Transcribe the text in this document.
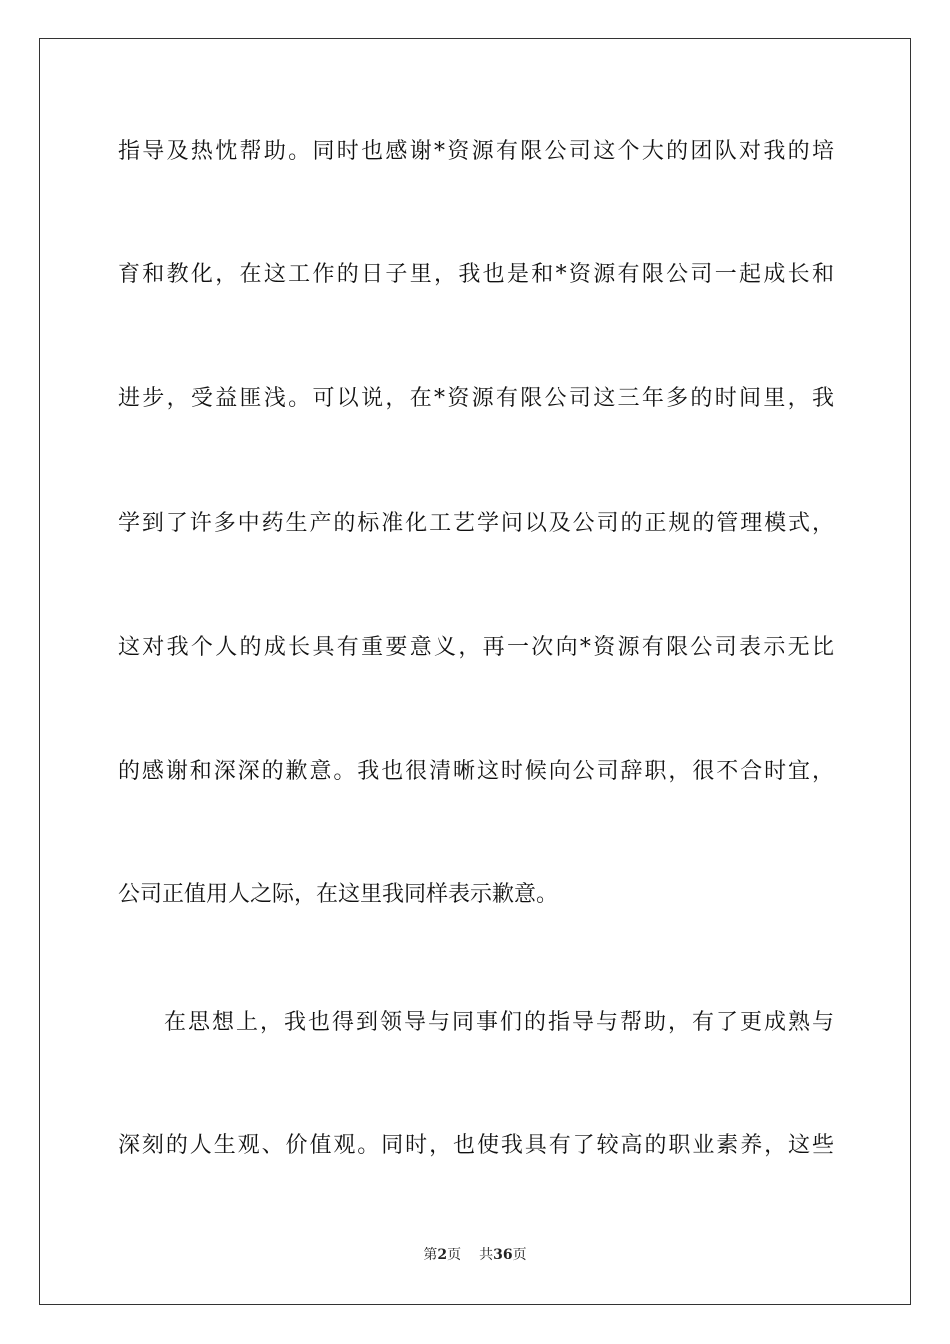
指导及热忱帮助。同时也感谢*资源有限公司这个大的团队对我的培
育和教化，在这工作的日子里，我也是和*资源有限公司一起成长和
进步，受益匪浅。可以说，在*资源有限公司这三年多的时间里，我
学到了许多中药生产的标准化工艺学问以及公司的正规的管理模式，
这对我个人的成长具有重要意义，再一次向*资源有限公司表示无比
的感谢和深深的歉意。我也很清晰这时候向公司辞职，很不合时宜，
公司正值用人之际，在这里我同样表示歉意。
在思想上，我也得到领导与同事们的指导与帮助，有了更成熟与
深刻的人生观、价值观。同时，也使我具有了较高的职业素养，这些
第2页 共36页
